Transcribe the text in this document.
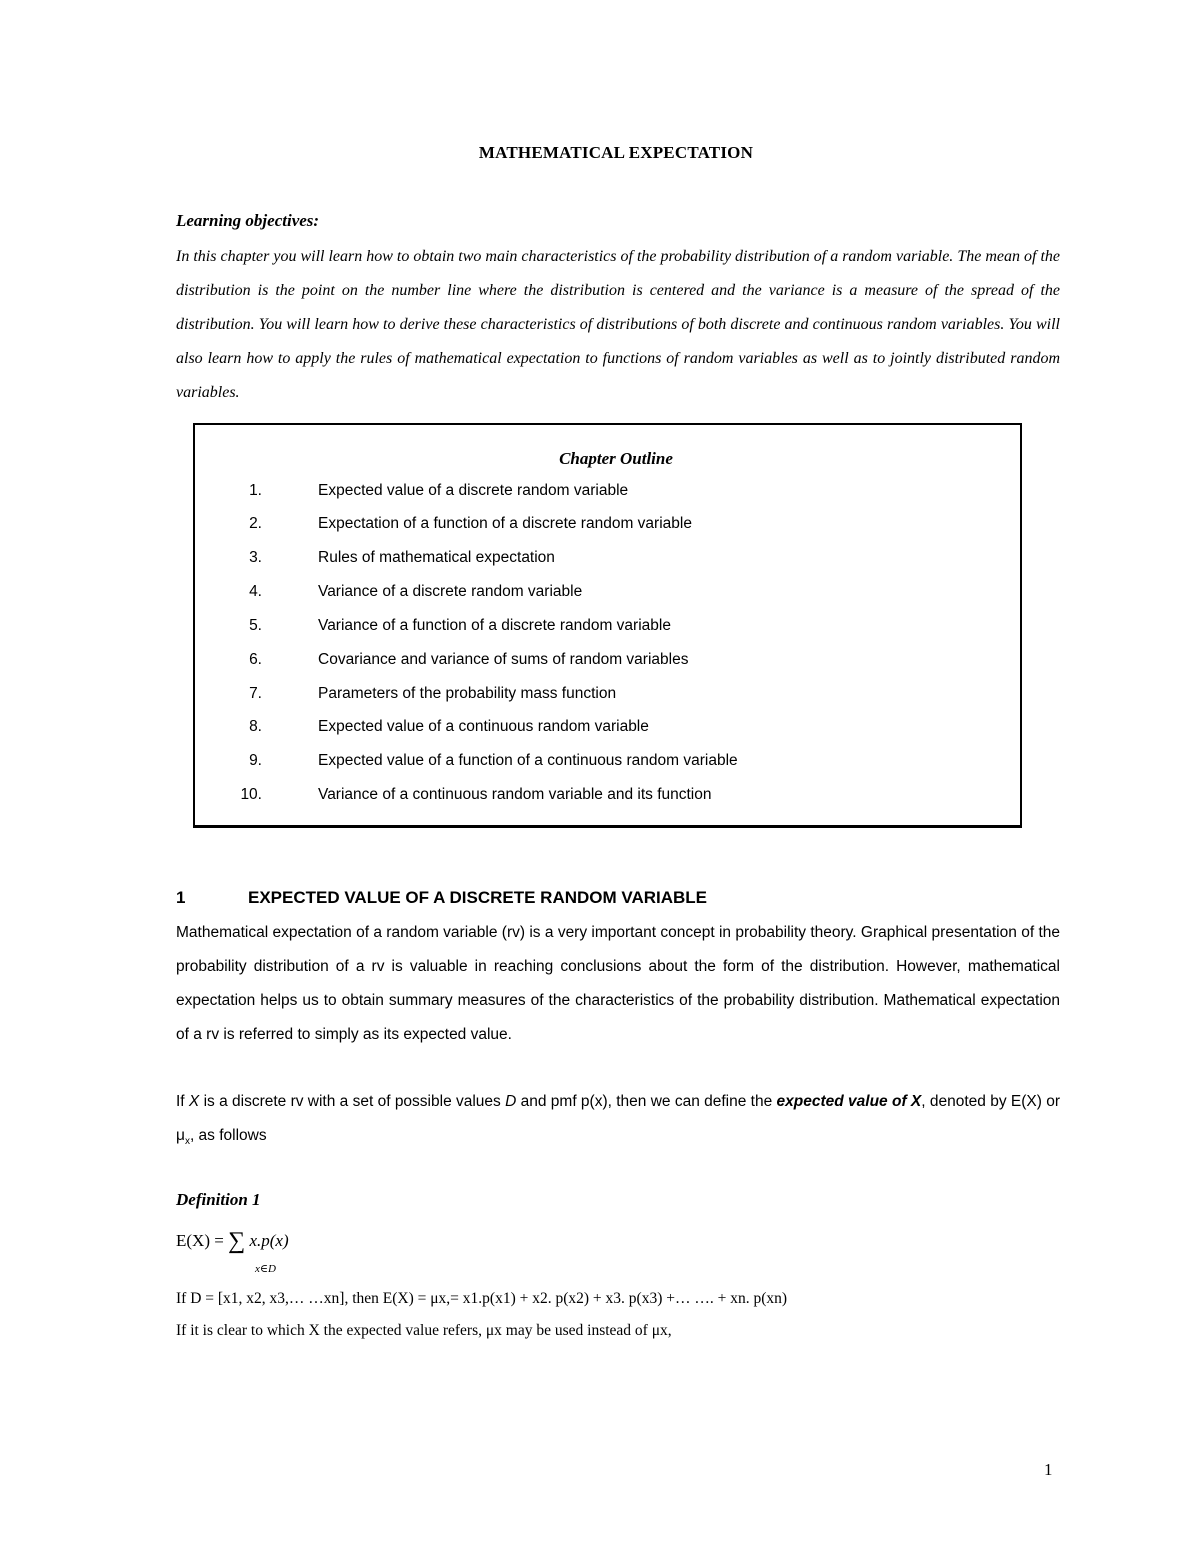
MATHEMATICAL EXPECTATION
Learning objectives:
In this chapter you will learn how to obtain two main characteristics of the probability distribution of a random variable. The mean of the distribution is the point on the number line where the distribution is centered and the variance is a measure of the spread of the distribution. You will learn how to derive these characteristics of distributions of both discrete and continuous random variables. You will also learn how to apply the rules of mathematical expectation to functions of random variables as well as to jointly distributed random variables.
Chapter Outline
1.	Expected value of a discrete random variable
2.	Expectation of a function of a discrete random variable
3.	Rules of mathematical expectation
4.	Variance of a discrete random variable
5.	Variance of a function of a discrete random variable
6.	Covariance and variance of sums of random variables
7.	Parameters of the probability mass function
8.	Expected value of a continuous random variable
9.	Expected value of a function of a continuous random variable
10.	Variance of a continuous random variable and its function
1	EXPECTED VALUE OF A DISCRETE RANDOM VARIABLE
Mathematical expectation of a random variable (rv) is a very important concept in probability theory. Graphical presentation of the probability distribution of a rv is valuable in reaching conclusions about the form of the distribution. However, mathematical expectation helps us to obtain summary measures of the characteristics of the probability distribution. Mathematical expectation of a rv is referred to simply as its expected value.
If X is a discrete rv with a set of possible values D and pmf p(x), then we can define the expected value of X, denoted by E(X) or $\mu_x$, as follows
Definition 1
E(X) = ∑ x.p(x)
x∈D
If D = [x1, x2, x3,… …xn], then E(X) = μx,= x1.p(x1) + x2. p(x2) + x3. p(x3) +… …. + xn. p(xn)
If it is clear to which X the expected value refers, μx may be used instead of μx,
1
